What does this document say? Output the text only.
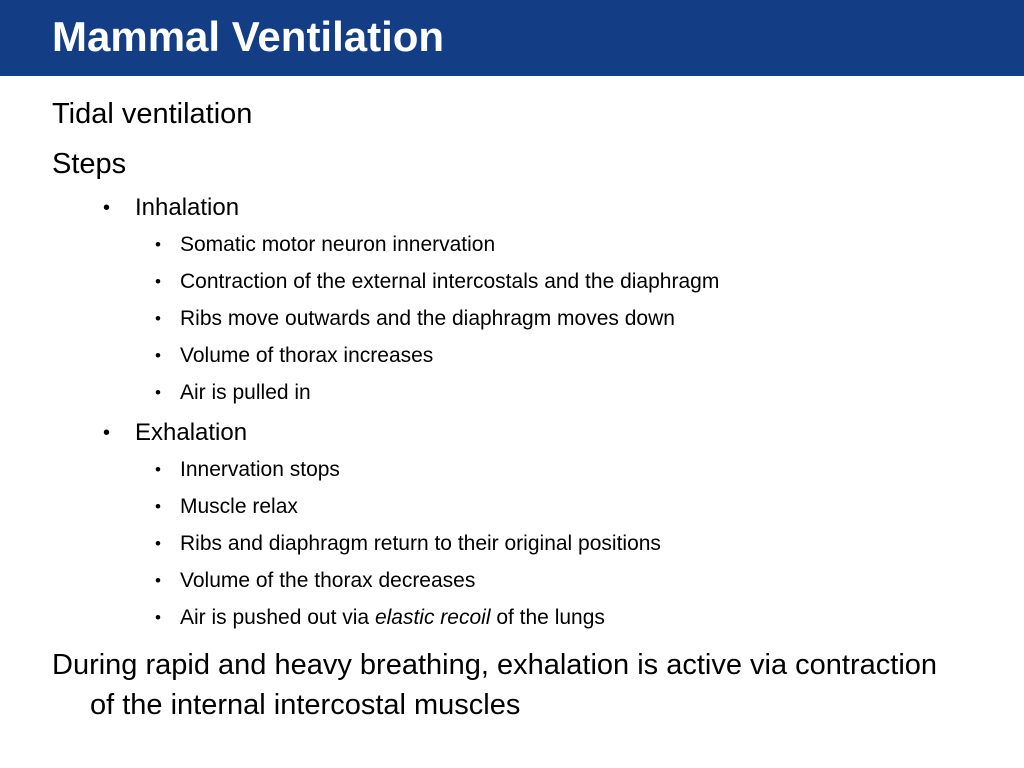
Mammal Ventilation
Tidal ventilation
Steps
• Inhalation
• Somatic motor neuron innervation
• Contraction of the external intercostals and the diaphragm
• Ribs move outwards and the diaphragm moves down
• Volume of thorax increases
• Air is pulled in
• Exhalation
• Innervation stops
• Muscle relax
• Ribs and diaphragm return to their original positions
• Volume of the thorax decreases
• Air is pushed out via elastic recoil of the lungs
During rapid and heavy breathing, exhalation is active via contraction of the internal intercostal muscles
